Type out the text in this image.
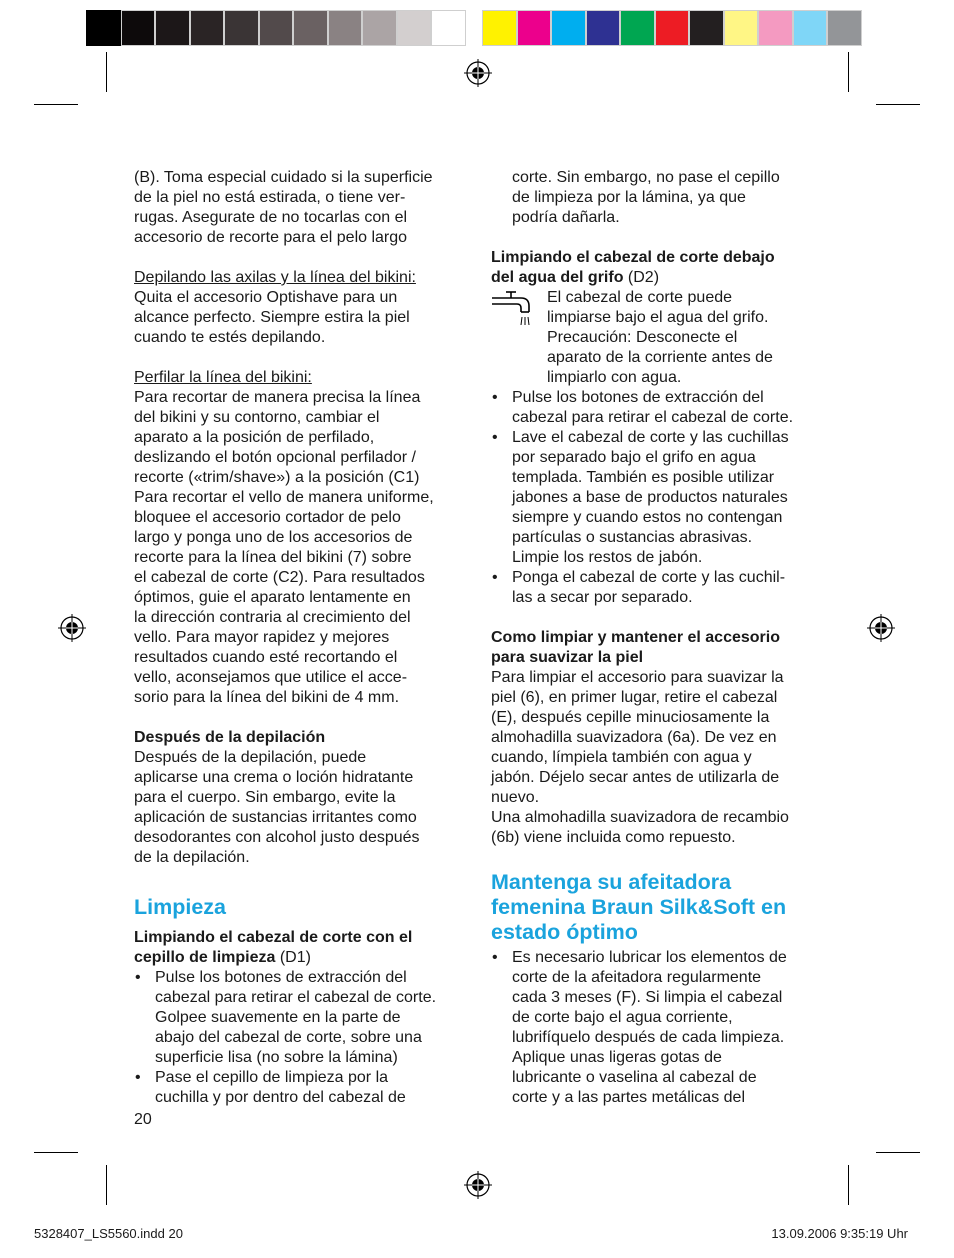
(B). Toma especial cuidado si la superficie
de la piel no está estirada, o tiene ver-
rugas. Asegurate de no tocarlas con el
accesorio de recorte para el pelo largo

Depilando las axilas y la línea del bikini:

Quita el accesorio Optishave para un
alcance perfecto. Siempre estira la piel
cuando te estés depilando.

Perfilar la línea del bikini:

Para recortar de manera precisa la línea
del bikini y su contorno, cambiar el
aparato a la posición de perfilado,
deslizando el botón opcional perfilador /
recorte («trim/shave») a la posición (C1)
Para recortar el vello de manera uniforme,
bloquee el accesorio cortador de pelo
largo y ponga uno de los accesorios de
recorte para la línea del bikini (7) sobre
el cabezal de corte (C2). Para resultados
óptimos, guie el aparato lentamente en
la dirección contraria al crecimiento del
vello. Para mayor rapidez y mejores
resultados cuando esté recortando el
vello, aconsejamos que utilice el acce-
sorio para la línea del bikini de 4 mm.

Después de la depilación

Después de la depilación, puede
aplicarse una crema o loción hidratante
para el cuerpo. Sin embargo, evite la
aplicación de sustancias irritantes como
desodorantes con alcohol justo después
de la depilación.

Limpieza

Limpiando el cabezal de corte con el
cepillo de limpieza (D1)

• Pulse los botones de extracción del
cabezal para retirar el cabezal de corte.
Golpee suavemente en la parte de
abajo del cabezal de corte, sobre una
superficie lisa (no sobre la lámina)
• Pase el cepillo de limpieza por la
cuchilla y por dentro del cabezal de

corte. Sin embargo, no pase el cepillo
de limpieza por la lámina, ya que
podría dañarla.

Limpiando el cabezal de corte debajo
del agua del grifo (D2)

El cabezal de corte puede
limpiarse bajo el agua del grifo.
Precaución: Desconecte el
aparato de la corriente antes de
limpiarlo con agua.

• Pulse los botones de extracción del
cabezal para retirar el cabezal de corte.
• Lave el cabezal de corte y las cuchillas
por separado bajo el grifo en agua
templada. También es posible utilizar
jabones a base de productos naturales
siempre y cuando estos no contengan
partículas o sustancias abrasivas.
Limpie los restos de jabón.
• Ponga el cabezal de corte y las cuchil-
las a secar por separado.

Como limpiar y mantener el accesorio
para suavizar la piel

Para limpiar el accesorio para suavizar la
piel (6), en primer lugar, retire el cabezal
(E), después cepille minuciosamente la
almohadilla suavizadora (6a). De vez en
cuando, límpiela también con agua y
jabón. Déjelo secar antes de utilizarla de
nuevo.
Una almohadilla suavizadora de recambio
(6b) viene incluida como repuesto.

Mantenga su afeitadora
femenina Braun Silk&Soft en
estado óptimo

• Es necesario lubricar los elementos de
corte de la afeitadora regularmente
cada 3 meses (F). Si limpia el cabezal
de corte bajo el agua corriente,
lubrifíquelo después de cada limpieza.
Aplique unas ligeras gotas de
lubricante o vaselina al cabezal de
corte y a las partes metálicas del
20
5328407_LS5560.indd 20	13.09.2006 9:35:19 Uhr
